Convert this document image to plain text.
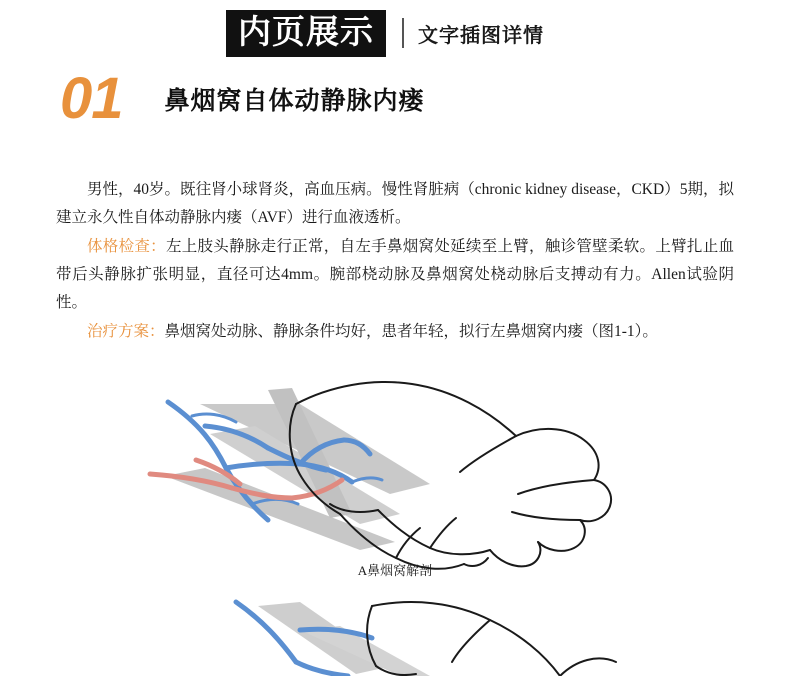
内页展示	文字插图详情
01 鼻烟窝自体动静脉内瘘

男性，40岁。既往肾小球肾炎，高血压病。慢性肾脏病（chronic kidney disease，CKD）5期，拟建立永久性自体动静脉内瘘（AVF）进行血液透析。

体格检查：左上肢头静脉走行正常，自左手鼻烟窝处延续至上臂，触诊管壁柔软。上臂扎止血带后头静脉扩张明显，直径可达4mm。腕部桡动脉及鼻烟窝处桡动脉后支搏动有力。Allen试验阴性。

治疗方案：鼻烟窝处动脉、静脉条件均好，患者年轻，拟行左鼻烟窝内瘘（图1-1）。

A鼻烟窝解剖
